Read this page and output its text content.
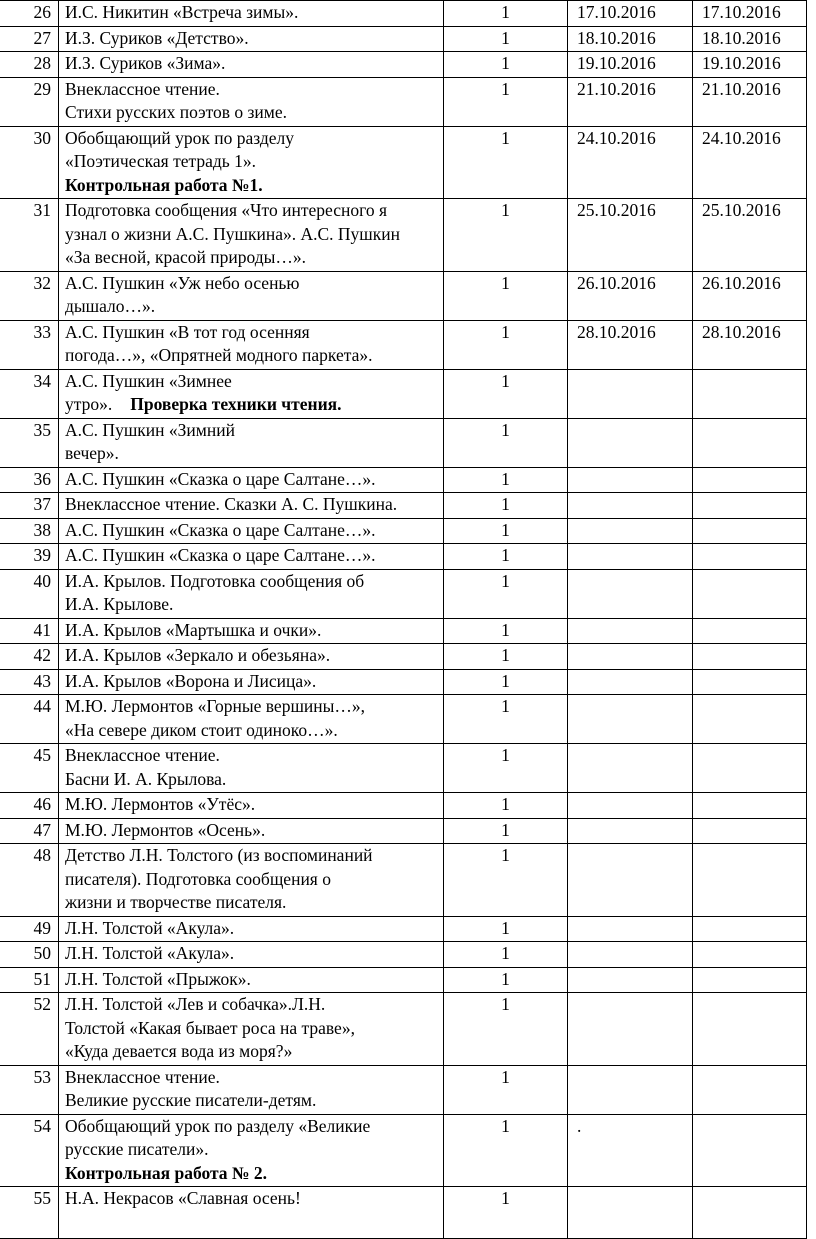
26	И.С. Никитин «Встреча зимы».	1	17.10.2016	17.10.2016
27	И.З. Суриков «Детство».	1	18.10.2016	18.10.2016
28	И.З. Суриков «Зима».	1	19.10.2016	19.10.2016
29	Внеклассное чтение.
Стихи русских поэтов о зиме.	1	21.10.2016	21.10.2016
30	Обобщающий урок по разделу
«Поэтическая тетрадь 1».
Контрольная работа №1.	1	24.10.2016	24.10.2016
31	Подготовка сообщения «Что интересного я
узнал о жизни А.С. Пушкина». А.С. Пушкин
«За весной, красой природы…».	1	25.10.2016	25.10.2016
32	А.С. Пушкин «Уж небо осенью
дышало…».	1	26.10.2016	26.10.2016
33	А.С. Пушкин «В тот год осенняя
погода…», «Опрятней модного паркета».	1	28.10.2016	28.10.2016
34	А.С. Пушкин «Зимнее
утро». Проверка техники чтения.	1		
35	А.С. Пушкин «Зимний
вечер».	1		
36	А.С. Пушкин «Сказка о царе Салтане…».	1		
37	Внеклассное чтение. Сказки А. С. Пушкина.	1		
38	А.С. Пушкин «Сказка о царе Салтане…».	1		
39	А.С. Пушкин «Сказка о царе Салтане…».	1		
40	И.А. Крылов. Подготовка сообщения об
И.А. Крылове.	1		
41	И.А. Крылов «Мартышка и очки».	1		
42	И.А. Крылов «Зеркало и обезьяна».	1		
43	И.А. Крылов «Ворона и Лисица».	1		
44	М.Ю. Лермонтов «Горные вершины…»,
«На севере диком стоит одиноко…».	1		
45	Внеклассное чтение.
Басни И. А. Крылова.	1		
46	М.Ю. Лермонтов «Утёс».	1		
47	М.Ю. Лермонтов «Осень».	1		
48	Детство Л.Н. Толстого (из воспоминаний
писателя). Подготовка сообщения о
жизни и творчестве писателя.	1		
49	Л.Н. Толстой «Акула».	1		
50	Л.Н. Толстой «Акула».	1		
51	Л.Н. Толстой «Прыжок».	1		
52	Л.Н. Толстой «Лев и собачка».Л.Н.
Толстой «Какая бывает роса на траве»,
«Куда девается вода из моря?»	1		
53	Внеклассное чтение.
Великие русские писатели-детям.	1		
54	Обобщающий урок по разделу «Великие
русские писатели».
Контрольная работа № 2.	1	.	
55	Н.А. Некрасов «Славная осень!	1		
